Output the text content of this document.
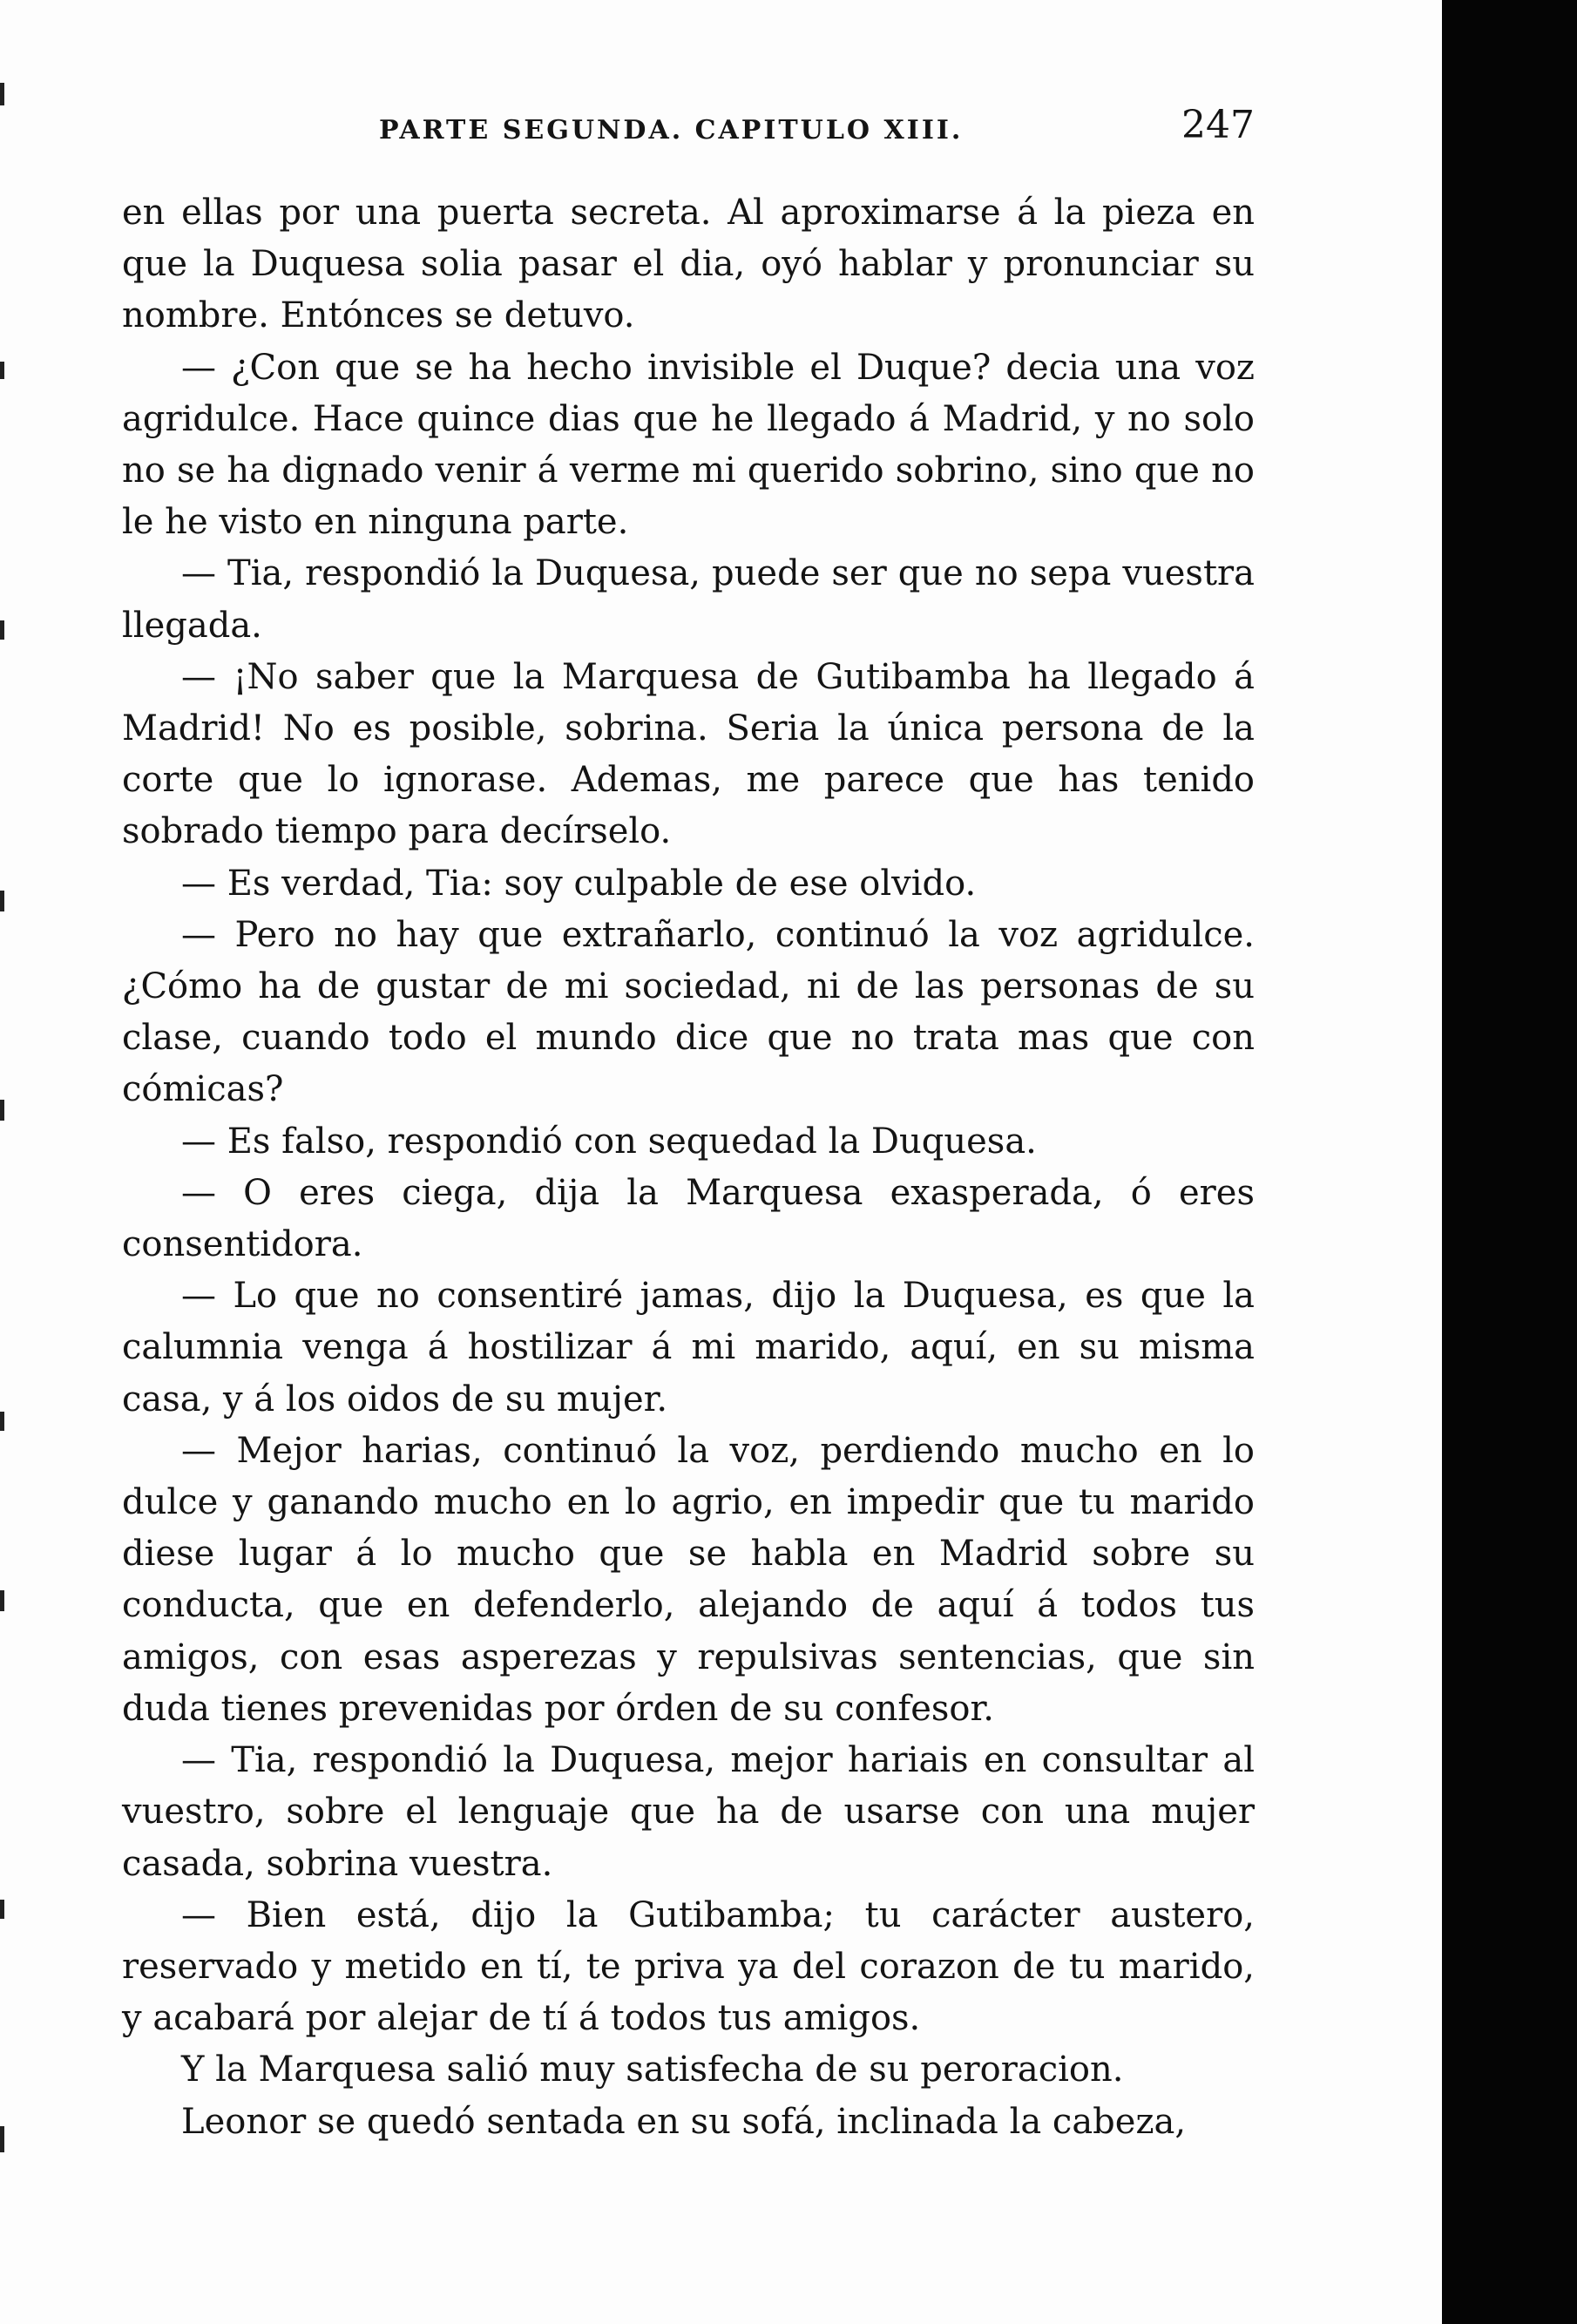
PARTE SEGUNDA. CAPITULO XIII.	247

en ellas por una puerta secreta. Al aproximarse á la pieza en que la Duquesa solia pasar el dia, oyó hablar y pronunciar su nombre. Entónces se detuvo.

— ¿Con que se ha hecho invisible el Duque? decia una voz agridulce. Hace quince dias que he llegado á Madrid, y no solo no se ha dignado venir á verme mi querido sobrino, sino que no le he visto en ninguna parte.

— Tia, respondió la Duquesa, puede ser que no sepa vuestra llegada.

— ¡No saber que la Marquesa de Gutibamba ha llegado á Madrid! No es posible, sobrina. Seria la única persona de la corte que lo ignorase. Ademas, me parece que has tenido sobrado tiempo para decírselo.

— Es verdad, Tia: soy culpable de ese olvido.

— Pero no hay que extrañarlo, continuó la voz agridulce. ¿Cómo ha de gustar de mi sociedad, ni de las personas de su clase, cuando todo el mundo dice que no trata mas que con cómicas?

— Es falso, respondió con sequedad la Duquesa.

— O eres ciega, dija la Marquesa exasperada, ó eres consentidora.

— Lo que no consentiré jamas, dijo la Duquesa, es que la calumnia venga á hostilizar á mi marido, aquí, en su misma casa, y á los oidos de su mujer.

— Mejor harias, continuó la voz, perdiendo mucho en lo dulce y ganando mucho en lo agrio, en impedir que tu marido diese lugar á lo mucho que se habla en Madrid sobre su conducta, que en defenderlo, alejando de aquí á todos tus amigos, con esas asperezas y repulsivas sentencias, que sin duda tienes prevenidas por órden de su confesor.

— Tia, respondió la Duquesa, mejor hariais en consultar al vuestro, sobre el lenguaje que ha de usarse con una mujer casada, sobrina vuestra.

— Bien está, dijo la Gutibamba; tu carácter austero, reservado y metido en tí, te priva ya del corazon de tu marido, y acabará por alejar de tí á todos tus amigos.

Y la Marquesa salió muy satisfecha de su peroracion.

Leonor se quedó sentada en su sofá, inclinada la cabeza,
